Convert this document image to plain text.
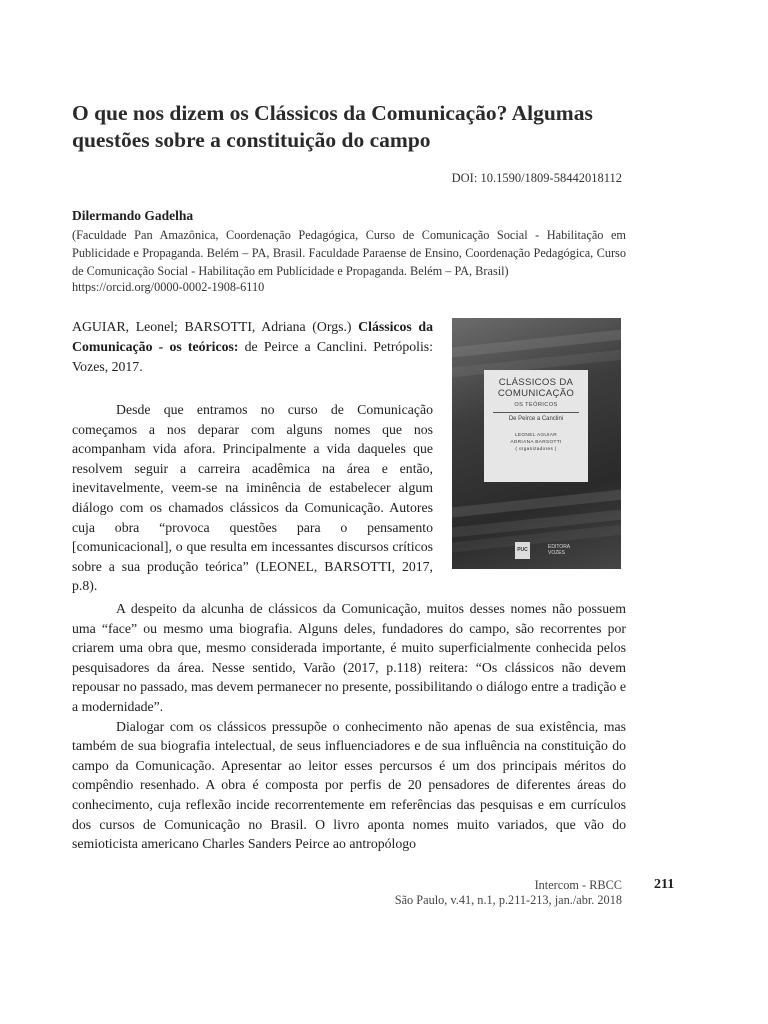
O que nos dizem os Clássicos da Comunicação? Algumas questões sobre a constituição do campo
DOI: 10.1590/1809-58442018112
Dilermando Gadelha

(Faculdade Pan Amazônica, Coordenação Pedagógica, Curso de Comunicação Social - Habilitação em Publicidade e Propaganda. Belém – PA, Brasil. Faculdade Paraense de Ensino, Coordenação Pedagógica, Curso de Comunicação Social - Habilitação em Publicidade e Propaganda. Belém – PA, Brasil)

https://orcid.org/0000-0002-1908-6110

AGUIAR, Leonel; BARSOTTI, Adriana (Orgs.) Clássicos da Comunicação - os teóricos: de Peirce a Canclini. Petrópolis: Vozes, 2017.

CLÁSSICOS DA COMUNICAÇÃO
OS TEÓRICOS
De Peirce a Canclini
LEONEL AGUIAR
ADRIANA BARSOTTI
( organizadores )
PUC	EDITORA
VOZES

Desde que entramos no curso de Comunicação começamos a nos deparar com alguns nomes que nos acompanham vida afora. Principalmente a vida daqueles que resolvem seguir a carreira acadêmica na área e então, inevitavelmente, veem-se na iminência de estabelecer algum diálogo com os chamados clássicos da Comunicação. Autores cuja obra “provoca questões para o pensamento [comunicacional], o que resulta em incessantes discursos críticos sobre a sua produção teórica” (LEONEL, BARSOTTI, 2017, p.8).

A despeito da alcunha de clássicos da Comunicação, muitos desses nomes não possuem uma “face” ou mesmo uma biografia. Alguns deles, fundadores do campo, são recorrentes por criarem uma obra que, mesmo considerada importante, é muito superficialmente conhecida pelos pesquisadores da área. Nesse sentido, Varão (2017, p.118) reitera: “Os clássicos não devem repousar no passado, mas devem permanecer no presente, possibilitando o diálogo entre a tradição e a modernidade”.

Dialogar com os clássicos pressupõe o conhecimento não apenas de sua existência, mas também de sua biografia intelectual, de seus influenciadores e de sua influência na constituição do campo da Comunicação. Apresentar ao leitor esses percursos é um dos principais méritos do compêndio resenhado. A obra é composta por perfis de 20 pensadores de diferentes áreas do conhecimento, cuja reflexão incide recorrentemente em referências das pesquisas e em currículos dos cursos de Comunicação no Brasil. O livro aponta nomes muito variados, que vão do semioticista americano Charles Sanders Peirce ao antropólogo

Intercom - RBCC
São Paulo, v.41, n.1, p.211-213, jan./abr. 2018
211
